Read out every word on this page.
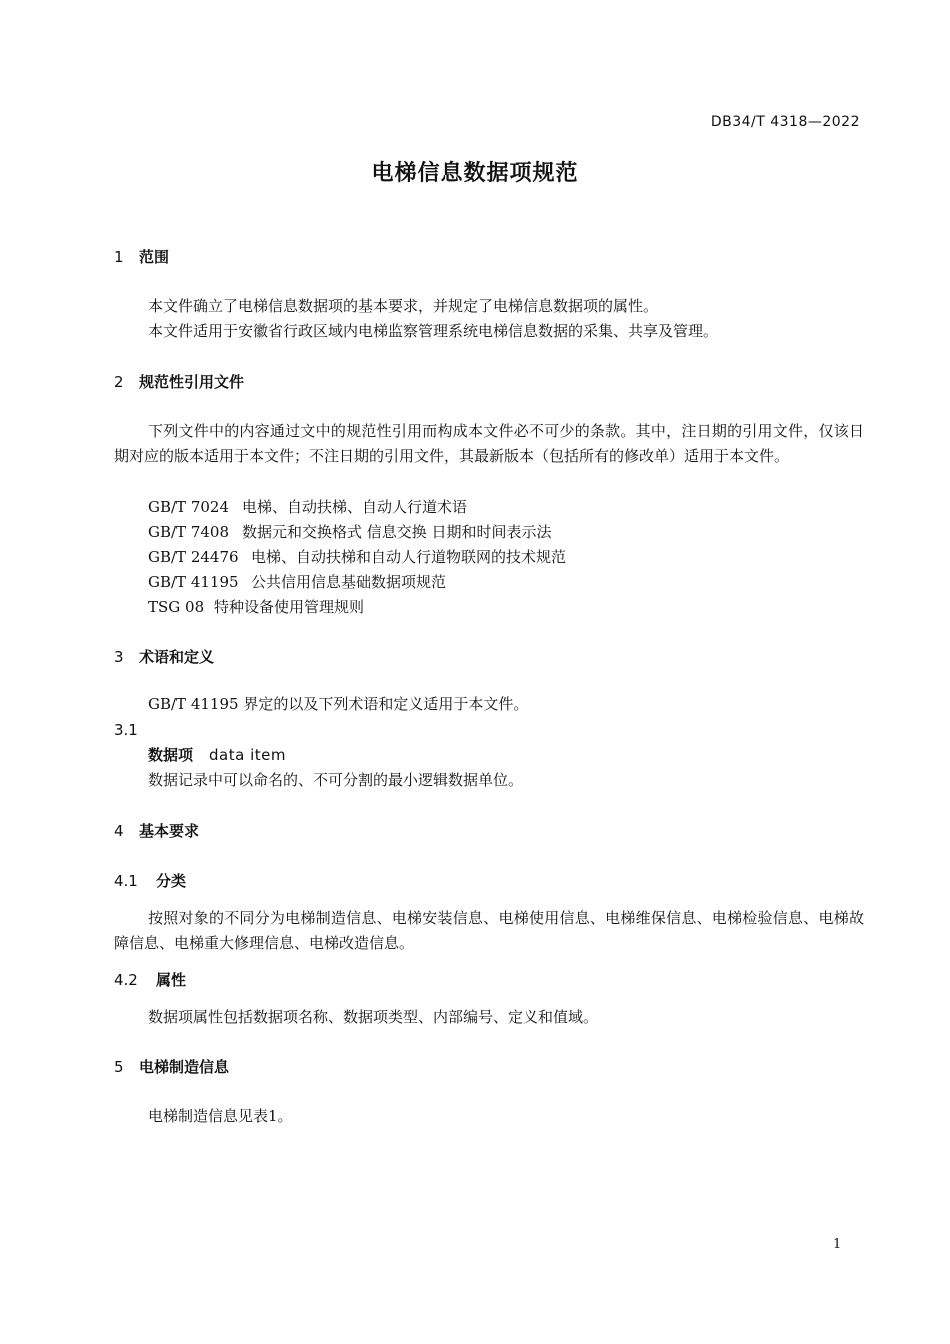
DB34/T 4318—2022
电梯信息数据项规范
1 范围
本文件确立了电梯信息数据项的基本要求，并规定了电梯信息数据项的属性。
本文件适用于安徽省行政区域内电梯监察管理系统电梯信息数据的采集、共享及管理。
2 规范性引用文件
下列文件中的内容通过文中的规范性引用而构成本文件必不可少的条款。其中，注日期的引用文件，仅该日期对应的版本适用于本文件；不注日期的引用文件，其最新版本（包括所有的修改单）适用于本文件。
GB/T 7024 电梯、自动扶梯、自动人行道术语
GB/T 7408 数据元和交换格式 信息交换 日期和时间表示法
GB/T 24476 电梯、自动扶梯和自动人行道物联网的技术规范
GB/T 41195 公共信用信息基础数据项规范
TSG 08 特种设备使用管理规则
3 术语和定义
GB/T 41195 界定的以及下列术语和定义适用于本文件。
3.1
数据项 data item
数据记录中可以命名的、不可分割的最小逻辑数据单位。
4 基本要求
4.1 分类
按照对象的不同分为电梯制造信息、电梯安装信息、电梯使用信息、电梯维保信息、电梯检验信息、电梯故障信息、电梯重大修理信息、电梯改造信息。
4.2 属性
数据项属性包括数据项名称、数据项类型、内部编号、定义和值域。
5 电梯制造信息
电梯制造信息见表1。
1
